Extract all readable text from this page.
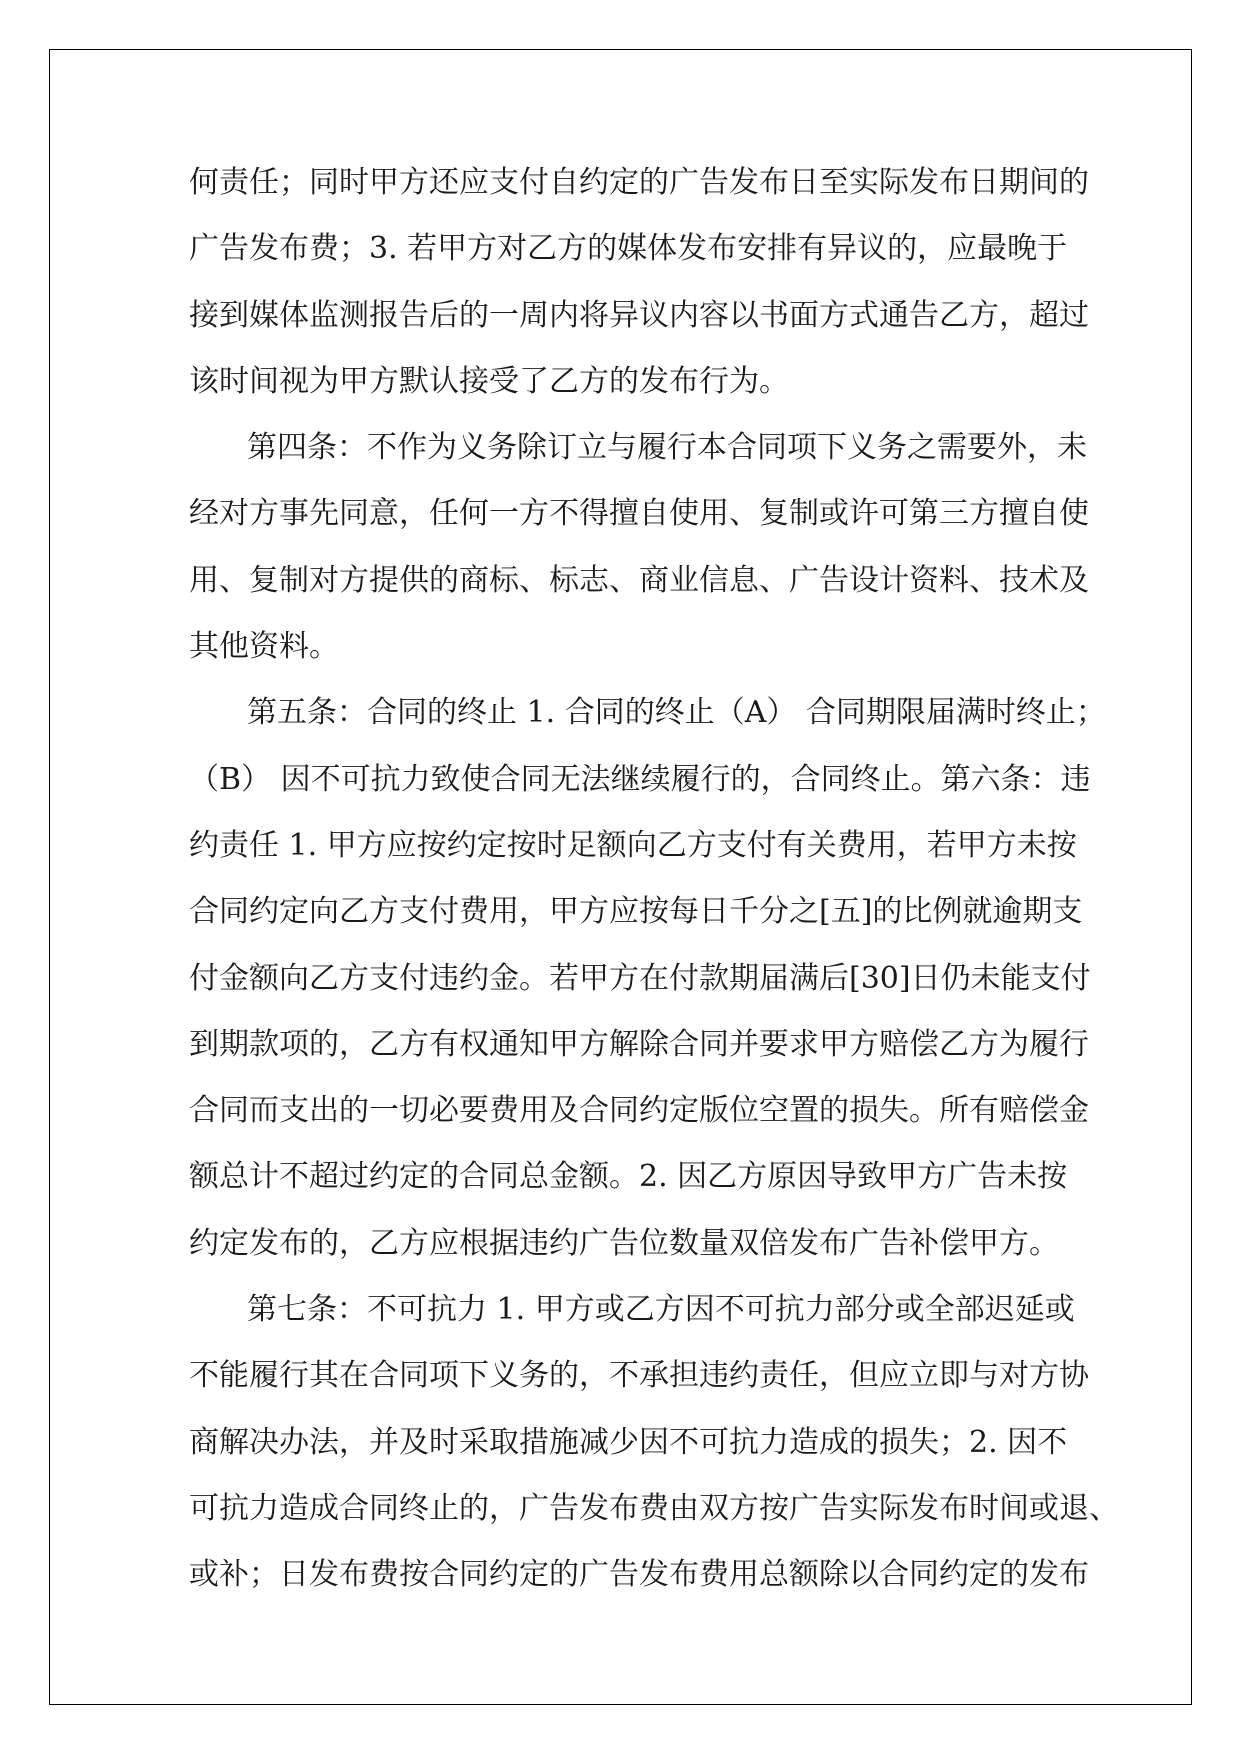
何责任；同时甲方还应支付自约定的广告发布日至实际发布日期间的
广告发布费；3. 若甲方对乙方的媒体发布安排有异议的，应最晚于
接到媒体监测报告后的一周内将异议内容以书面方式通告乙方，超过
该时间视为甲方默认接受了乙方的发布行为。
第四条：不作为义务除订立与履行本合同项下义务之需要外，未
经对方事先同意，任何一方不得擅自使用、复制或许可第三方擅自使
用、复制对方提供的商标、标志、商业信息、广告设计资料、技术及
其他资料。
第五条：合同的终止 1. 合同的终止（A） 合同期限届满时终止；
（B） 因不可抗力致使合同无法继续履行的，合同终止。第六条：违
约责任 1. 甲方应按约定按时足额向乙方支付有关费用，若甲方未按
合同约定向乙方支付费用，甲方应按每日千分之[五]的比例就逾期支
付金额向乙方支付违约金。若甲方在付款期届满后[30]日仍未能支付
到期款项的，乙方有权通知甲方解除合同并要求甲方赔偿乙方为履行
合同而支出的一切必要费用及合同约定版位空置的损失。所有赔偿金
额总计不超过约定的合同总金额。2. 因乙方原因导致甲方广告未按
约定发布的，乙方应根据违约广告位数量双倍发布广告补偿甲方。
第七条：不可抗力 1. 甲方或乙方因不可抗力部分或全部迟延或
不能履行其在合同项下义务的，不承担违约责任，但应立即与对方协
商解决办法，并及时采取措施减少因不可抗力造成的损失；2. 因不
可抗力造成合同终止的，广告发布费由双方按广告实际发布时间或退、
或补；日发布费按合同约定的广告发布费用总额除以合同约定的发布
